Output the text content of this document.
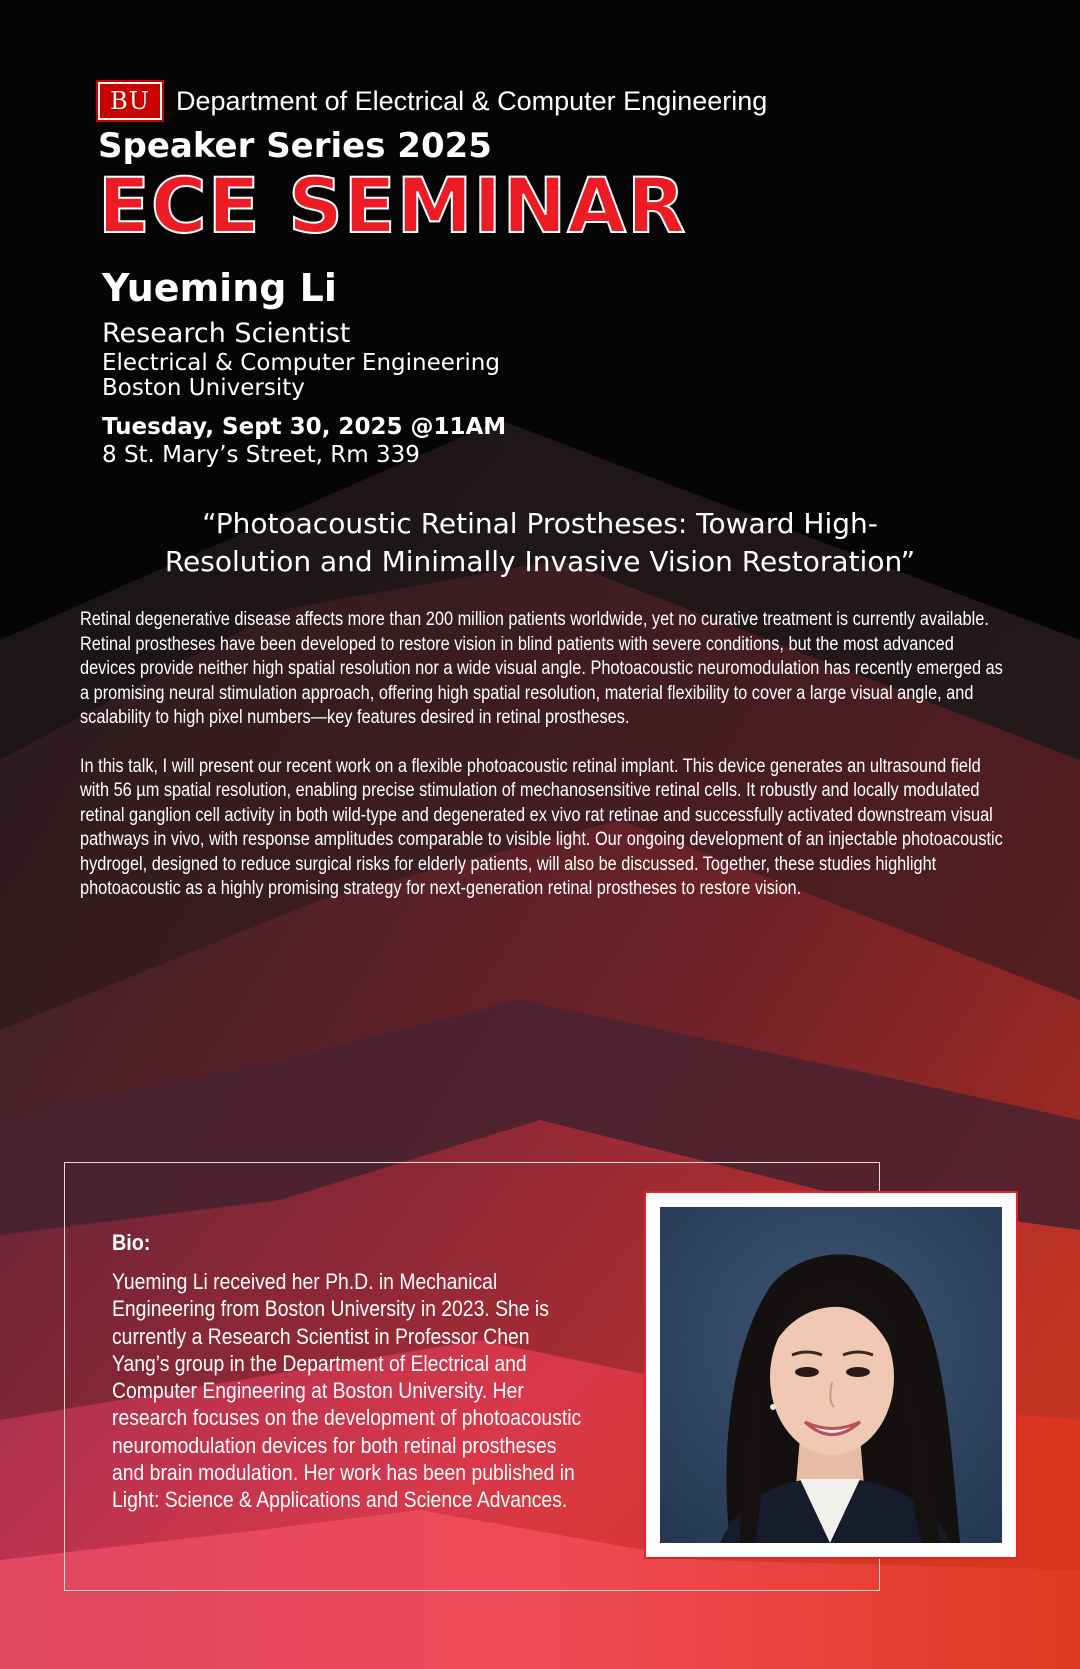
BU Department of Electrical & Computer Engineering
Speaker Series 2025
ECE SEMINAR
Yueming Li
Research Scientist
Electrical & Computer Engineering
Boston University
Tuesday, Sept 30, 2025 @11AM
8 St. Mary’s Street, Rm 339
“Photoacoustic Retinal Prostheses: Toward High-
Resolution and Minimally Invasive Vision Restoration”

Retinal degenerative disease affects more than 200 million patients worldwide, yet no curative treatment is currently available. Retinal prostheses have been developed to restore vision in blind patients with severe conditions, but the most advanced devices provide neither high spatial resolution nor a wide visual angle. Photoacoustic neuromodulation has recently emerged as a promising neural stimulation approach, offering high spatial resolution, material flexibility to cover a large visual angle, and scalability to high pixel numbers—key features desired in retinal prostheses.

In this talk, I will present our recent work on a flexible photoacoustic retinal implant. This device generates an ultrasound field with 56 µm spatial resolution, enabling precise stimulation of mechanosensitive retinal cells. It robustly and locally modulated retinal ganglion cell activity in both wild-type and degenerated ex vivo rat retinae and successfully activated downstream visual pathways in vivo, with response amplitudes comparable to visible light. Our ongoing development of an injectable photoacoustic hydrogel, designed to reduce surgical risks for elderly patients, will also be discussed. Together, these studies highlight photoacoustic as a highly promising strategy for next-generation retinal prostheses to restore vision.

Bio:
Yueming Li received her Ph.D. in Mechanical Engineering from Boston University in 2023. She is currently a Research Scientist in Professor Chen Yang’s group in the Department of Electrical and Computer Engineering at Boston University. Her research focuses on the development of photoacoustic neuromodulation devices for both retinal prostheses and brain modulation. Her work has been published in Light: Science & Applications and Science Advances.
